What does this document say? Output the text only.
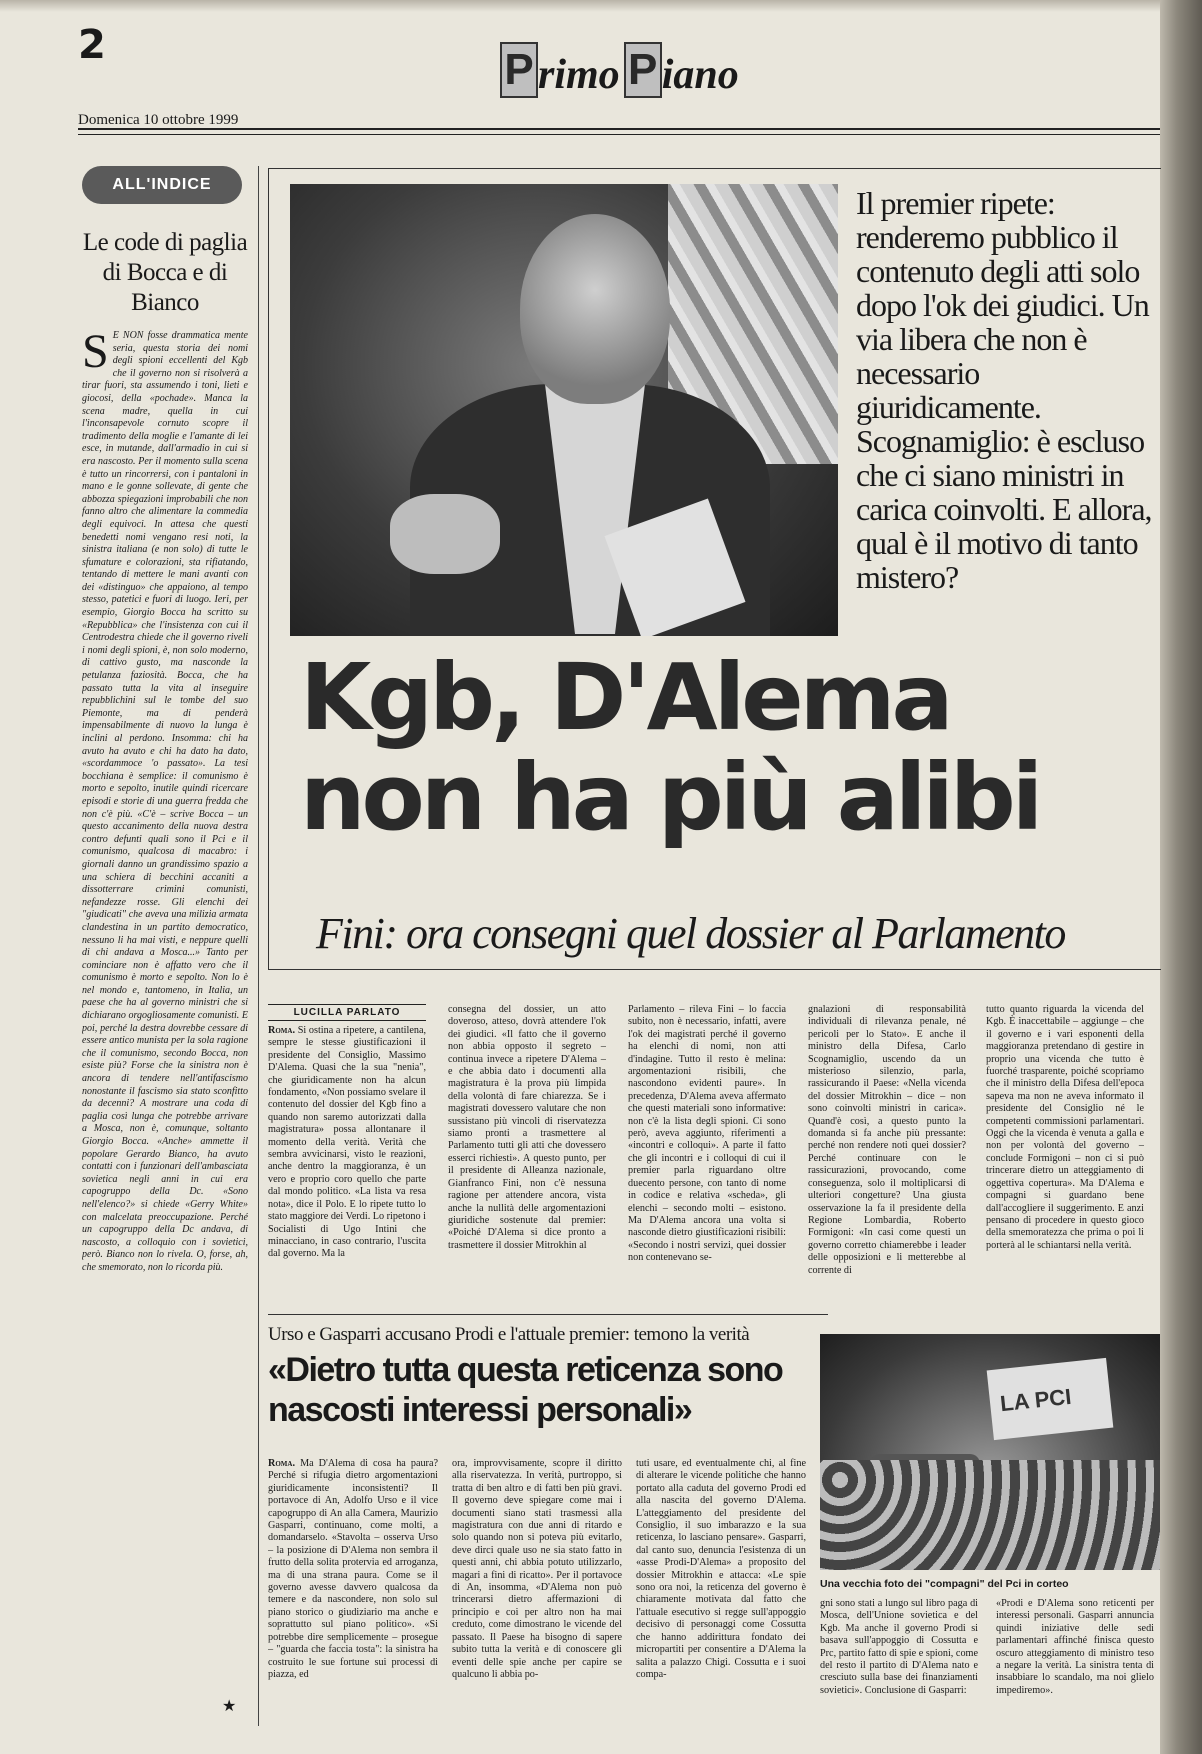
2	P rimo P iano
Domenica 10 ottobre 1999
ALL'INDICE
Le code di paglia di Bocca e di Bianco
S E NON fosse drammatica mente seria, questa storia dei nomi degli spioni eccellenti del Kgb che il governo non si risolverà a tirar fuori, sta assumendo i toni, lieti e giocosi, della «pochade». Manca la scena madre, quella in cui l'inconsapevole cornuto scopre il tradimento della moglie e l'amante di lei esce, in mutande, dall'armadio in cui si era nascosto. Per il momento sulla scena è tutto un rincorrersi, con i pantaloni in mano e le gonne sollevate, di gente che abbozza spiegazioni improbabili che non fanno altro che alimentare la commedia degli equivoci. In attesa che questi benedetti nomi vengano resi noti, la sinistra italiana (e non solo) di tutte le sfumature e colorazioni, sta rifiatando, tentando di mettere le mani avanti con dei «distinguo» che appaiono, al tempo stesso, patetici e fuori di luogo. Ieri, per esempio, Giorgio Bocca ha scritto su «Repubblica» che l'insistenza con cui il Centrodestra chiede che il governo riveli i nomi degli spioni, è, non solo moderno, di cattivo gusto, ma nasconde la petulanza faziosità. Bocca, che ha passato tutta la vita al inseguire repubblichini sul le tombe del suo Piemonte, ma di penderà impensabilmente di nuovo la lunga è inclini al perdono. Insomma: chi ha avuto ha avuto e chi ha dato ha dato, «scordammoce 'o passato». La tesi bocchiana è semplice: il comunismo è morto e sepolto, inutile quindi ricercare episodi e storie di una guerra fredda che non c'è più. «C'è – scrive Bocca – un questo accanimento della nuova destra contro defunti quali sono il Pci e il comunismo, qualcosa di macabro: i giornali danno un grandissimo spazio a una schiera di becchini accaniti a dissotterrare crimini comunisti, nefandezze rosse. Gli elenchi dei "giudicati" che aveva una milizia armata clandestina in un partito democratico, nessuno li ha mai visti, e neppure quelli di chi andava a Mosca...» Tanto per cominciare non è affatto vero che il comunismo è morto e sepolto. Non lo è nel mondo e, tantomeno, in Italia, un paese che ha al governo ministri che si dichiarano orgogliosamente comunisti. E poi, perché la destra dovrebbe cessare di essere antico munista per la sola ragione che il comunismo, secondo Bocca, non esiste più? Forse che la sinistra non è ancora di tendere nell'antifascismo nonostante il fascismo sia stato sconfitto da decenni? A mostrare una coda di paglia così lunga che potrebbe arrivare a Mosca, non è, comunque, soltanto Giorgio Bocca. «Anche» ammette il popolare Gerardo Bianco, ha avuto contatti con i funzionari dell'ambasciata sovietica negli anni in cui era capogruppo della Dc. «Sono nell'elenco?» si chiede «Gerry White» con malcelata preoccupazione. Perché un capogruppo della Dc andava, di nascosto, a colloquio con i sovietici, però. Bianco non lo rivela. O, forse, ah, che smemorato, non lo ricorda più.
★
Il premier ripete: renderemo pubblico il contenuto degli atti solo dopo l'ok dei giudici. Un via libera che non è necessario giuridicamente. Scognamiglio: è escluso che ci siano ministri in carica coinvolti. E allora, qual è il motivo di tanto mistero?
Kgb, D'Alema
non ha più alibi
Fini: ora consegni quel dossier al Parlamento
LUCILLA PARLATO
Roma. Si ostina a ripetere, a cantilena, sempre le stesse giustificazioni il presidente del Consiglio, Massimo D'Alema. Quasi che la sua "nenia", che giuridicamente non ha alcun fondamento, «Non possiamo svelare il contenuto del dossier del Kgb fino a quando non saremo autorizzati dalla magistratura» possa allontanare il momento della verità. Verità che sembra avvicinarsi, visto le reazioni, anche dentro la maggioranza, è un vero e proprio coro quello che parte dal mondo politico. «La lista va resa nota», dice il Polo. E lo ripete tutto lo stato maggiore dei Verdi. Lo ripetono i Socialisti di Ugo Intini che minacciano, in caso contrario, l'uscita dal governo. Ma la
consegna del dossier, un atto doveroso, atteso, dovrà attendere l'ok dei giudici. «Il fatto che il governo non abbia opposto il segreto – continua invece a ripetere D'Alema – e che abbia dato i documenti alla magistratura è la prova più limpida della volontà di fare chiarezza. Se i magistrati dovessero valutare che non sussistano più vincoli di riservatezza siamo pronti a trasmettere al Parlamento tutti gli atti che dovessero esserci richiesti». A questo punto, per il presidente di Alleanza nazionale, Gianfranco Fini, non c'è nessuna ragione per attendere ancora, vista anche la nullità delle argomentazioni giuridiche sostenute dal premier: «Poiché D'Alema si dice pronto a trasmettere il dossier Mitrokhin al
Parlamento – rileva Fini – lo faccia subito, non è necessario, infatti, avere l'ok dei magistrati perché il governo ha elenchi di nomi, non atti d'indagine. Tutto il resto è melina: argomentazioni risibili, che nascondono evidenti paure». In precedenza, D'Alema aveva affermato che questi materiali sono informative: non c'è la lista degli spioni. Ci sono però, aveva aggiunto, riferimenti a «incontri e colloqui». A parte il fatto che gli incontri e i colloqui di cui il premier parla riguardano oltre duecento persone, con tanto di nome in codice e relativa «scheda», gli elenchi – secondo molti – esistono. Ma D'Alema ancora una volta si nasconde dietro giustificazioni risibili: «Secondo i nostri servizi, quei dossier non contenevano se-
gnalazioni di responsabilità individuali di rilevanza penale, né pericoli per lo Stato». E anche il ministro della Difesa, Carlo Scognamiglio, uscendo da un misterioso silenzio, parla, rassicurando il Paese: «Nella vicenda del dossier Mitrokhin – dice – non sono coinvolti ministri in carica». Quand'è così, a questo punto la domanda si fa anche più pressante: perché non rendere noti quei dossier? Perché continuare con le rassicurazioni, provocando, come conseguenza, solo il moltiplicarsi di ulteriori congetture? Una giusta osservazione la fa il presidente della Regione Lombardia, Roberto Formigoni: «In casi come questi un governo corretto chiamerebbe i leader delle opposizioni e li metterebbe al corrente di
tutto quanto riguarda la vicenda del Kgb. È inaccettabile – aggiunge – che il governo e i vari esponenti della maggioranza pretendano di gestire in proprio una vicenda che tutto è fuorché trasparente, poiché scopriamo che il ministro della Difesa dell'epoca sapeva ma non ne aveva informato il presidente del Consiglio né le competenti commissioni parlamentari. Oggi che la vicenda è venuta a galla e non per volontà del governo – conclude Formigoni – non ci si può trincerare dietro un atteggiamento di oggettiva copertura». Ma D'Alema e compagni si guardano bene dall'accogliere il suggerimento. E anzi pensano di procedere in questo gioco della smemoratezza che prima o poi li porterà al le schiantarsi nella verità.
Urso e Gasparri accusano Prodi e l'attuale premier: temono la verità
«Dietro tutta questa reticenza sono nascosti interessi personali»
Roma. Ma D'Alema di cosa ha paura? Perché si rifugia dietro argomentazioni giuridicamente inconsistenti? Il portavoce di An, Adolfo Urso e il vice capogruppo di An alla Camera, Maurizio Gasparri, continuano, come molti, a domandarselo. «Stavolta – osserva Urso – la posizione di D'Alema non sembra il frutto della solita protervia ed arroganza, ma di una strana paura. Come se il governo avesse davvero qualcosa da temere e da nascondere, non solo sul piano storico o giudiziario ma anche e soprattutto sul piano politico». «Si potrebbe dire semplicemente – prosegue – "guarda che faccia tosta": la sinistra ha costruito le sue fortune sui processi di piazza, ed
ora, improvvisamente, scopre il diritto alla riservatezza. In verità, purtroppo, si tratta di ben altro e di fatti ben più gravi. Il governo deve spiegare come mai i documenti siano stati trasmessi alla magistratura con due anni di ritardo e solo quando non si poteva più evitarlo, deve dirci quale uso ne sia stato fatto in questi anni, chi abbia potuto utilizzarlo, magari a fini di ricatto». Per il portavoce di An, insomma, «D'Alema non può trincerarsi dietro affermazioni di principio e coi per altro non ha mai creduto, come dimostrano le vicende del passato. Il Paese ha bisogno di sapere subito tutta la verità e di conoscere gli eventi delle spie anche per capire se qualcuno li abbia po-
tuti usare, ed eventualmente chi, al fine di alterare le vicende politiche che hanno portato alla caduta del governo Prodi ed alla nascita del governo D'Alema. L'atteggiamento del presidente del Consiglio, il suo imbarazzo e la sua reticenza, lo lasciano pensare». Gasparri, dal canto suo, denuncia l'esistenza di un «asse Prodi-D'Alema» a proposito del dossier Mitrokhin e attacca: «Le spie sono ora noi, la reticenza del governo è chiaramente motivata dal fatto che l'attuale esecutivo si regge sull'appoggio decisivo di personaggi come Cossutta che hanno addirittura fondato dei micropartiti per consentire a D'Alema la salita a palazzo Chigi. Cossutta e i suoi compa-
LA PCI
Una vecchia foto dei "compagni" del Pci in corteo
gni sono stati a lungo sul libro paga di Mosca, dell'Unione sovietica e del Kgb. Ma anche il governo Prodi si basava sull'appoggio di Cossutta e Prc, partito fatto di spie e spioni, come del resto il partito di D'Alema nato e cresciuto sulla base dei finanziamenti sovietici». Conclusione di Gasparri:
«Prodi e D'Alema sono reticenti per interessi personali. Gasparri annuncia quindi iniziative delle sedi parlamentari affinché finisca questo oscuro atteggiamento di ministro teso a negare la verità. La sinistra tenta di insabbiare lo scandalo, ma noi glielo impediremo».
